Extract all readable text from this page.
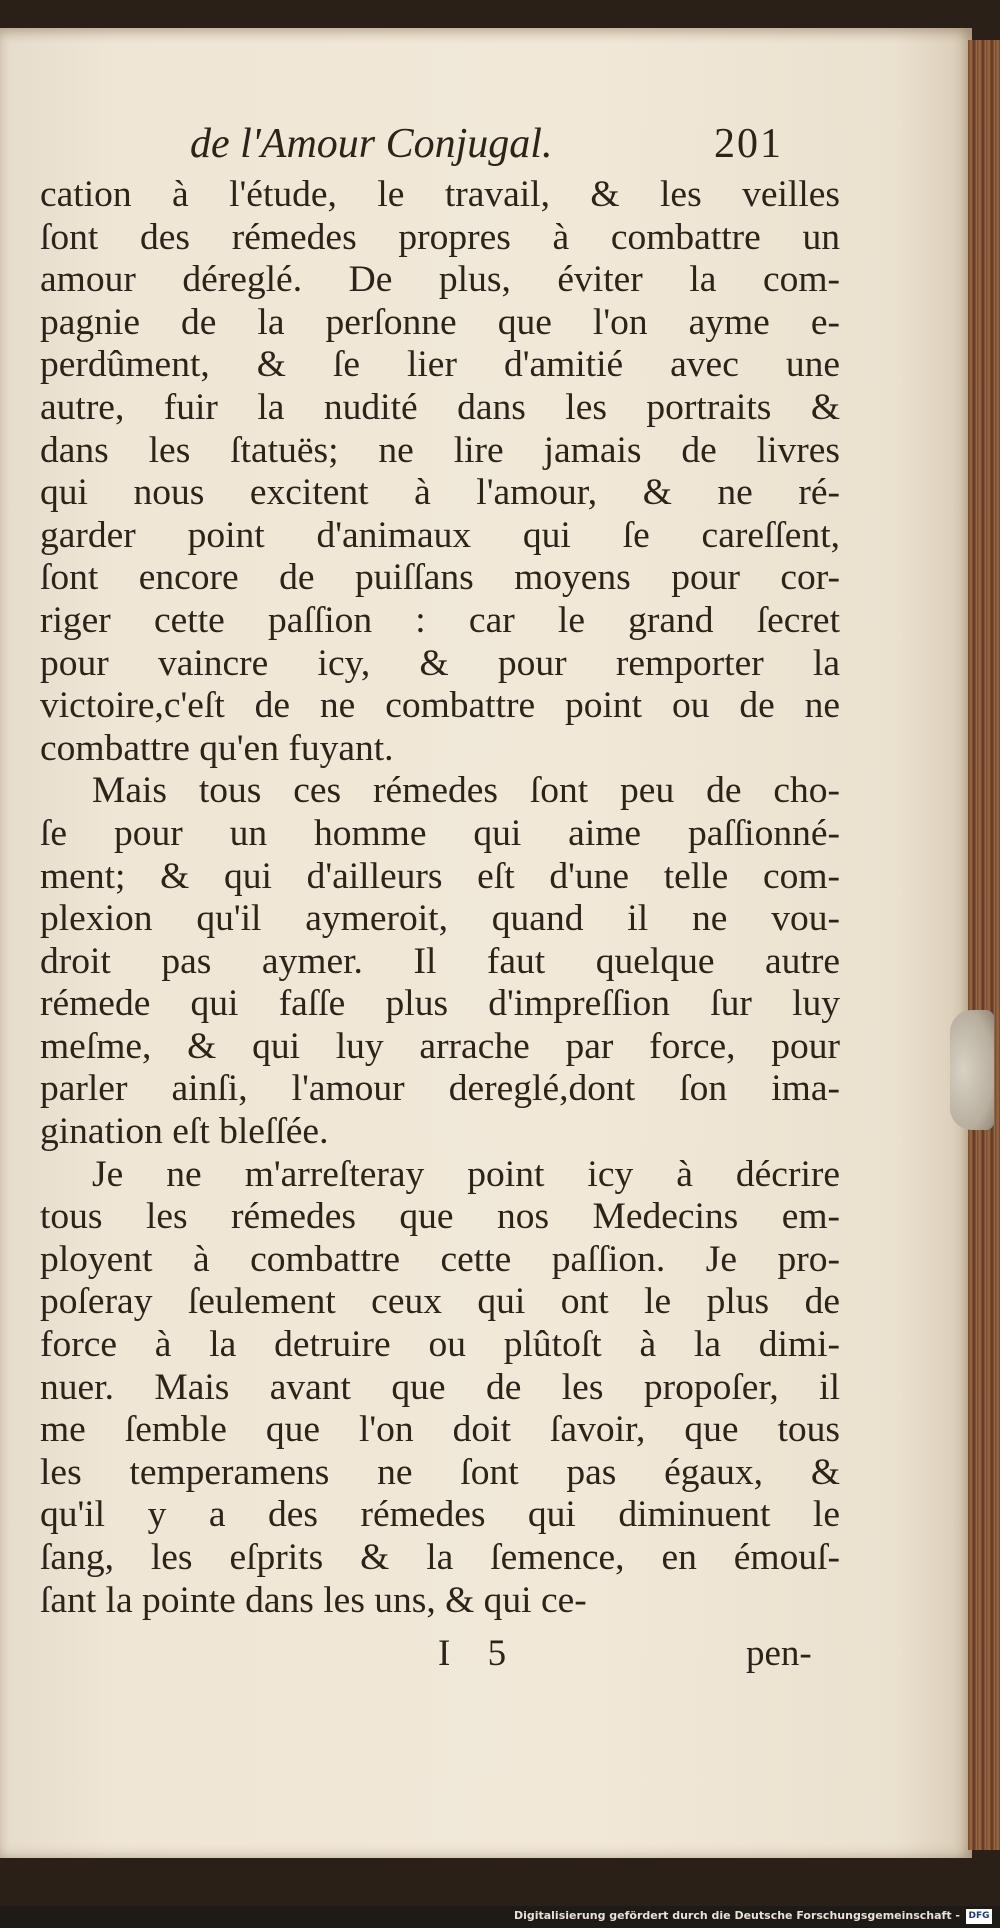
de l'Amour Conjugal.	201
cation à l'étude, le travail, & les veilles
ſont des rémedes propres à combattre un
amour déreglé. De plus, éviter la com-
pagnie de la perſonne que l'on ayme e-
perdûment, & ſe lier d'amitié avec une
autre, fuir la nudité dans les portraits &
dans les ſtatuës; ne lire jamais de livres
qui nous excitent à l'amour, & ne ré-
garder point d'animaux qui ſe careſſent,
ſont encore de puiſſans moyens pour cor-
riger cette paſſion : car le grand ſecret
pour vaincre icy, & pour remporter la
victoire,c'eſt de ne combattre point ou de ne
combattre qu'en fuyant.
Mais tous ces rémedes ſont peu de cho-
ſe pour un homme qui aime paſſionné-
ment; & qui d'ailleurs eſt d'une telle com-
plexion qu'il aymeroit, quand il ne vou-
droit pas aymer. Il faut quelque autre
rémede qui faſſe plus d'impreſſion ſur luy
meſme, & qui luy arrache par force, pour
parler ainſi, l'amour dereglé,dont ſon ima-
gination eſt bleſſée.
Je ne m'arreſteray point icy à décrire
tous les rémedes que nos Medecins em-
ployent à combattre cette paſſion. Je pro-
poſeray ſeulement ceux qui ont le plus de
force à la detruire ou plûtoſt à la dimi-
nuer. Mais avant que de les propoſer, il
me ſemble que l'on doit ſavoir, que tous
les temperamens ne ſont pas égaux, &
qu'il y a des rémedes qui diminuent le
ſang, les eſprits & la ſemence, en émouſ-
ſant la pointe dans les uns, & qui ce-
I 5	pen-
Digitalisierung gefördert durch die Deutsche Forschungsgemeinschaft - DFG
